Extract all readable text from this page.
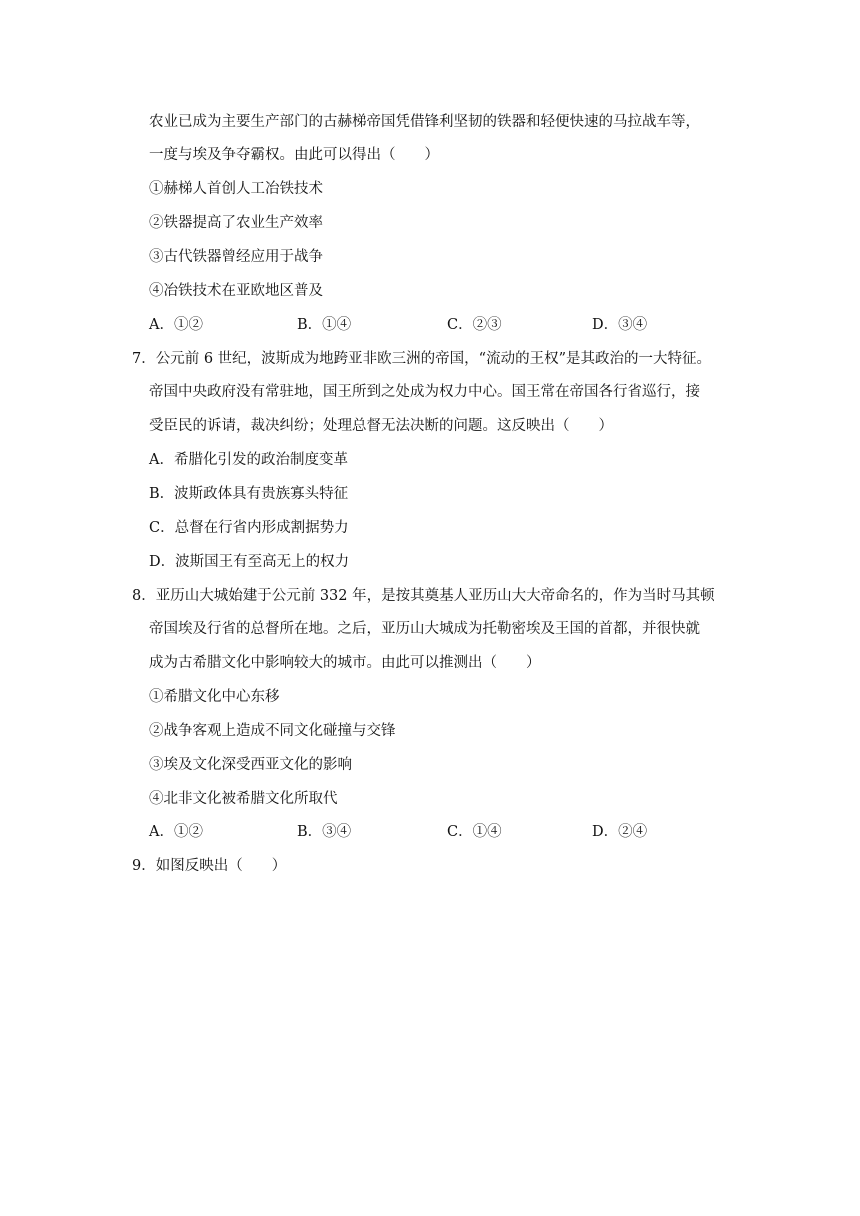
农业已成为主要生产部门的古赫梯帝国凭借锋利坚韧的铁器和轻便快速的马拉战车等，
一度与埃及争夺霸权。由此可以得出（　　）
①赫梯人首创人工冶铁技术
②铁器提高了农业生产效率
③古代铁器曾经应用于战争
④冶铁技术在亚欧地区普及
A．①②	B．①④	C．②③	D．③④
7．公元前 6 世纪，波斯成为地跨亚非欧三洲的帝国，“流动的王权”是其政治的一大特征。
帝国中央政府没有常驻地，国王所到之处成为权力中心。国王常在帝国各行省巡行，接
受臣民的诉请，裁决纠纷；处理总督无法决断的问题。这反映出（　　）
A．希腊化引发的政治制度变革
B．波斯政体具有贵族寡头特征
C．总督在行省内形成割据势力
D．波斯国王有至高无上的权力
8．亚历山大城始建于公元前 332 年，是按其奠基人亚历山大大帝命名的，作为当时马其顿
帝国埃及行省的总督所在地。之后，亚历山大城成为托勒密埃及王国的首都，并很快就
成为古希腊文化中影响较大的城市。由此可以推测出（　　）
①希腊文化中心东移
②战争客观上造成不同文化碰撞与交锋
③埃及文化深受西亚文化的影响
④北非文化被希腊文化所取代
A．①②	B．③④	C．①④	D．②④
9．如图反映出（　　）
